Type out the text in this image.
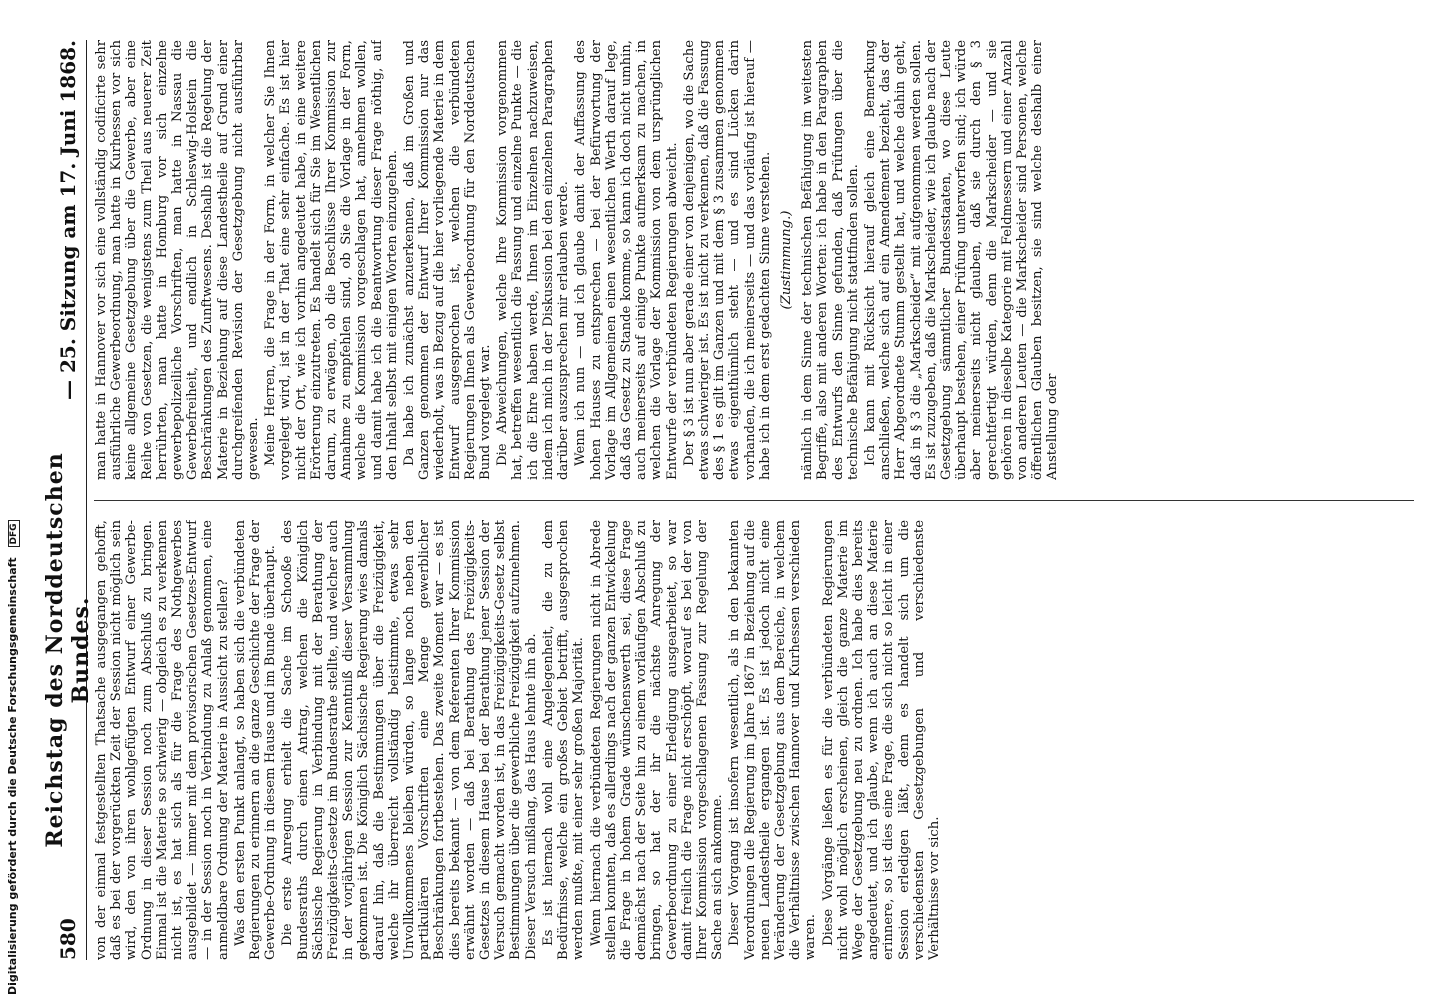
580
Reichstag des Norddeutschen Bundes.
— 25. Sitzung am 17. Juni 1868.

von der einmal festgestellten Thatsache ausgegangen gehofft, daß es bei der vorgerückten Zeit der Session nicht möglich sein wird, den von ihren wohlgefügten Entwurf einer Gewerbe-Ordnung in dieser Session noch zum Abschluß zu bringen. Einmal ist die Materie so schwierig — obgleich es zu verkennen nicht ist, es hat sich als für die Frage des Nothgewerbes ausgebildet — immer mit dem provisorischen Gesetzes-Entwurf — in der Session noch in Verbindung zu Anlaß genommen, eine anmeldbare Ordnung der Materie in Aussicht zu stellen? Was den ersten Punkt anlangt, so haben sich die verbündeten Regierungen zu erinnern an die ganze Geschichte der Frage der Gewerbe-Ordnung in diesem Hause und im Bunde überhaupt. Die erste Anregung erhielt die Sache im Schooße des Bundesraths durch einen Antrag, welchen die Königlich Sächsische Regierung in Verbindung mit der Berathung der Freizügigkeits-Gesetze im Bundesrathe stellte, und welcher auch in der vorjährigen Session zur Kenntniß dieser Versammlung gekommen ist. Die Königlich Sächsische Regierung wies damals darauf hin, daß die Bestimmungen über die Freizügigkeit, welche ihr überreicht vollständig beistimmte, etwas sehr Unvollkommenes bleiben würden, so lange noch neben den partikulären Vorschriften eine Menge gewerblicher Beschränkungen fortbestehen. Das zweite Moment war — es ist dies bereits bekannt — von dem Referenten Ihrer Kommission erwähnt worden — daß bei Berathung des Freizügigkeits-Gesetzes in diesem Hause bei der Berathung jener Session der Versuch gemacht worden ist, in das Freizügigkeits-Gesetz selbst Bestimmungen über die gewerbliche Freizügigkeit aufzunehmen. Dieser Versuch mißlang, das Haus lehnte ihn ab. Es ist hiernach wohl eine Angelegenheit, die zu dem Bedürfnisse, welche ein großes Gebiet betrifft, ausgesprochen werden mußte, mit einer sehr großen Majorität. Wenn hiernach die verbündeten Regierungen nicht in Abrede stellen konnten, daß es allerdings nach der ganzen Entwickelung die Frage in hohem Grade wünschenswerth sei, diese Frage demnächst nach der Seite hin zu einem vorläufigen Abschluß zu bringen, so hat der ihr die nächste Anregung der Gewerbeordnung zu einer Erledigung ausgearbeitet, so war damit freilich die Frage nicht erschöpft, worauf es bei der von Ihrer Kommission vorgeschlagenen Fassung zur Regelung der Sache an sich ankomme. Dieser Vorgang ist insofern wesentlich, als in den bekannten Verordnungen die Regierung im Jahre 1867 in Beziehung auf die neuen Landestheile ergangen ist. Es ist jedoch nicht eine Veränderung der Gesetzgebung aus dem Bereiche, in welchem die Verhältnisse zwischen Hannover und Kurhessen verschieden waren. Diese Vorgänge ließen es für die verbündeten Regierungen nicht wohl möglich erscheinen, gleich die ganze Materie im Wege der Gesetzgebung neu zu ordnen. Ich habe dies bereits angedeutet, und ich glaube, wenn ich auch an diese Materie erinnere, so ist dies eine Frage, die sich nicht so leicht in einer Session erledigen läßt, denn es handelt sich um die verschiedensten Gesetzgebungen und verschiedenste Verhältnisse vor sich.

man hatte in Hannover vor sich eine vollständig codificirte sehr ausführliche Gewerbeordnung, man hatte in Kurhessen vor sich keine allgemeine Gesetzgebung über die Gewerbe, aber eine Reihe von Gesetzen, die wenigstens zum Theil aus neuerer Zeit herrührten, man hatte in Homburg vor sich einzelne gewerbepolizeiliche Vorschriften, man hatte in Nassau die Gewerbefreiheit, und endlich in Schleswig-Holstein die Beschränkungen des Zunftwesens. Deshalb ist die Regelung der Materie in Beziehung auf diese Landestheile auf Grund einer durchgreifenden Revision der Gesetzgebung nicht ausführbar gewesen. Meine Herren, die Frage in der Form, in welcher Sie Ihnen vorgelegt wird, ist in der That eine sehr einfache. Es ist hier nicht der Ort, wie ich vorhin angedeutet habe, in eine weitere Erörterung einzutreten. Es handelt sich für Sie im Wesentlichen darum, zu erwägen, ob die Beschlüsse Ihrer Kommission zur Annahme zu empfehlen sind, ob Sie die Vorlage in der Form, welche die Kommission vorgeschlagen hat, annehmen wollen, und damit habe ich die Beantwortung dieser Frage nöthig, auf den Inhalt selbst mit einigen Worten einzugehen. Da habe ich zunächst anzuerkennen, daß im Großen und Ganzen genommen der Entwurf Ihrer Kommission nur das wiederholt, was in Bezug auf die hier vorliegende Materie in dem Entwurf ausgesprochen ist, welchen die verbündeten Regierungen Ihnen als Gewerbeordnung für den Norddeutschen Bund vorgelegt war. Die Abweichungen, welche Ihre Kommission vorgenommen hat, betreffen wesentlich die Fassung und einzelne Punkte — die ich die Ehre haben werde, Ihnen im Einzelnen nachzuweisen, indem ich mich in der Diskussion bei den einzelnen Paragraphen darüber auszusprechen mir erlauben werde. Wenn ich nun — und ich glaube damit der Auffassung des hohen Hauses zu entsprechen — bei der Befürwortung der Vorlage im Allgemeinen einen wesentlichen Werth darauf lege, daß das Gesetz zu Stande komme, so kann ich doch nicht umhin, auch meinerseits auf einige Punkte aufmerksam zu machen, in welchen die Vorlage der Kommission von dem ursprünglichen Entwurfe der verbündeten Regierungen abweicht. Der § 3 ist nun aber gerade einer von denjenigen, wo die Sache etwas schwieriger ist. Es ist nicht zu verkennen, daß die Fassung des § 1 es gilt im Ganzen und mit dem § 3 zusammen genommen etwas eigenthümlich steht — und es sind Lücken darin vorhanden, die ich meinerseits — und das vorläufig ist hierauf — habe ich in dem erst gedachten Sinne verstehen. (Zustimmung.) nämlich in dem Sinne der technischen Befähigung im weitesten Begriffe, also mit anderen Worten: ich habe in den Paragraphen des Entwurfs den Sinne gefunden, daß Prüfungen über die technische Befähigung nicht stattfinden sollen. Ich kann mit Rücksicht hierauf gleich eine Bemerkung anschließen, welche sich auf ein Amendement bezieht, das der Herr Abgeordnete Stumm gestellt hat, und welche dahin geht, daß in § 3 die „Markscheider“ mit aufgenommen werden sollen. Es ist zuzugeben, daß die Markscheider, wie ich glaube nach der Gesetzgebung sämmtlicher Bundesstaaten, wo diese Leute überhaupt bestehen, einer Prüfung unterworfen sind; ich würde aber meinerseits nicht glauben, daß sie durch den § 3 gerechtfertigt würden, denn die Markscheider — und sie gehören in dieselbe Kategorie mit Feldmessern und einer Anzahl von anderen Leuten — die Markscheider sind Personen, welche öffentlichen Glauben besitzen, sie sind welche deshalb einer Anstellung oder

Digitalisierung gefördert durch die Deutsche Forschungsgemeinschaft DFG
